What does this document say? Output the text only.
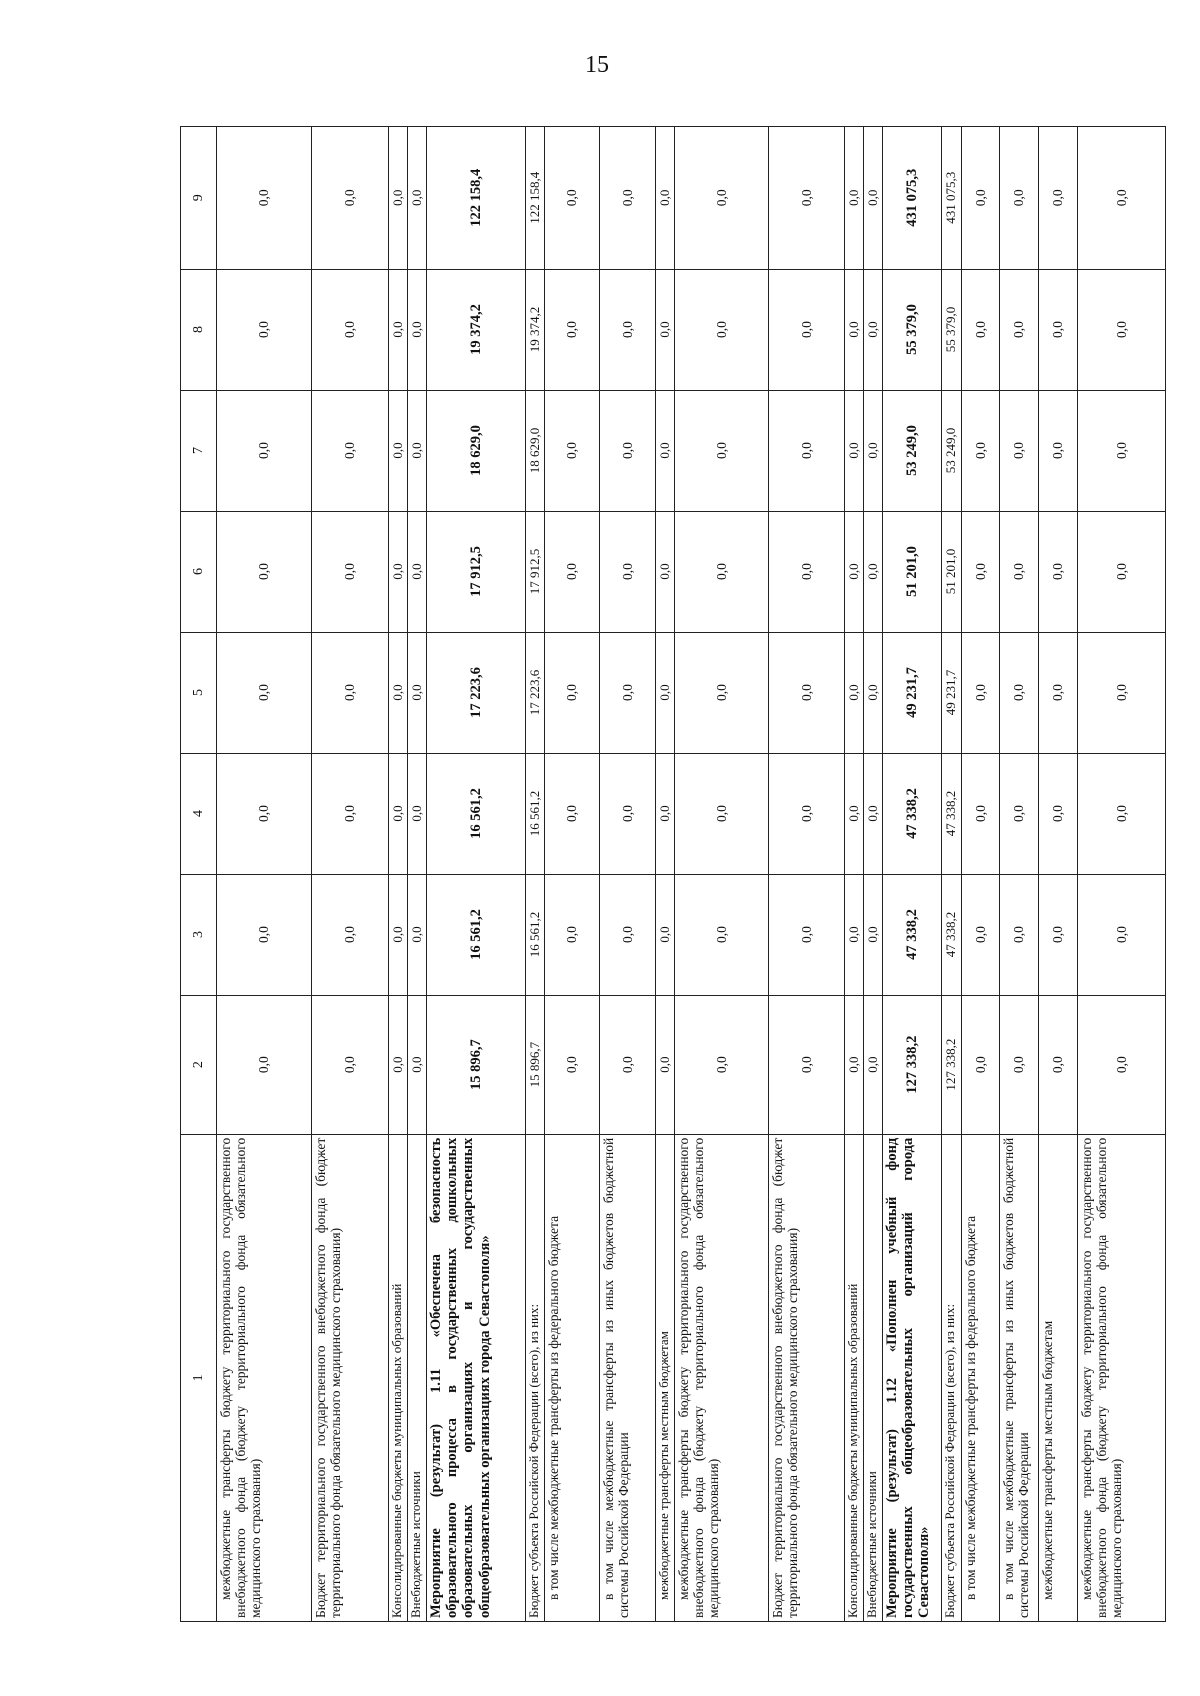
15
1	2	3	4	5	6	7	8	9
межбюджетные трансферты бюджету территориального государственного внебюджетного фонда (бюджету территориального фонда обязательного медицинского страхования)	0,0	0,0	0,0	0,0	0,0	0,0	0,0	0,0
Бюджет территориального государственного внебюджетного фонда (бюджет территориального фонда обязательного медицинского страхования)	0,0	0,0	0,0	0,0	0,0	0,0	0,0	0,0
Консолидированные бюджеты муниципальных образований	0,0	0,0	0,0	0,0	0,0	0,0	0,0	0,0
Внебюджетные источники	0,0	0,0	0,0	0,0	0,0	0,0	0,0	0,0
Мероприятие (результат) 1.11 «Обеспечена безопасность образовательного процесса в государственных дошкольных образовательных организациях и государственных общеобразовательных организациях города Севастополя»	15 896,7	16 561,2	16 561,2	17 223,6	17 912,5	18 629,0	19 374,2	122 158,4
Бюджет субъекта Российской Федерации (всего), из них:	15 896,7	16 561,2	16 561,2	17 223,6	17 912,5	18 629,0	19 374,2	122 158,4
в том числе межбюджетные трансферты из федерального бюджета	0,0	0,0	0,0	0,0	0,0	0,0	0,0	0,0
в том числе межбюджетные трансферты из иных бюджетов бюджетной системы Российской Федерации	0,0	0,0	0,0	0,0	0,0	0,0	0,0	0,0
межбюджетные трансферты местным бюджетам	0,0	0,0	0,0	0,0	0,0	0,0	0,0	0,0
межбюджетные трансферты бюджету территориального государственного внебюджетного фонда (бюджету территориального фонда обязательного медицинского страхования)	0,0	0,0	0,0	0,0	0,0	0,0	0,0	0,0
Бюджет территориального государственного внебюджетного фонда (бюджет территориального фонда обязательного медицинского страхования)	0,0	0,0	0,0	0,0	0,0	0,0	0,0	0,0
Консолидированные бюджеты муниципальных образований	0,0	0,0	0,0	0,0	0,0	0,0	0,0	0,0
Внебюджетные источники	0,0	0,0	0,0	0,0	0,0	0,0	0,0	0,0
Мероприятие (результат) 1.12 «Пополнен учебный фонд государственных общеобразовательных организаций города Севастополя»	127 338,2	47 338,2	47 338,2	49 231,7	51 201,0	53 249,0	55 379,0	431 075,3
Бюджет субъекта Российской Федерации (всего), из них:	127 338,2	47 338,2	47 338,2	49 231,7	51 201,0	53 249,0	55 379,0	431 075,3
в том числе межбюджетные трансферты из федерального бюджета	0,0	0,0	0,0	0,0	0,0	0,0	0,0	0,0
в том числе межбюджетные трансферты из иных бюджетов бюджетной системы Российской Федерации	0,0	0,0	0,0	0,0	0,0	0,0	0,0	0,0
межбюджетные трансферты местным бюджетам	0,0	0,0	0,0	0,0	0,0	0,0	0,0	0,0
межбюджетные трансферты бюджету территориального государственного внебюджетного фонда (бюджету территориального фонда обязательного медицинского страхования)	0,0	0,0	0,0	0,0	0,0	0,0	0,0	0,0
